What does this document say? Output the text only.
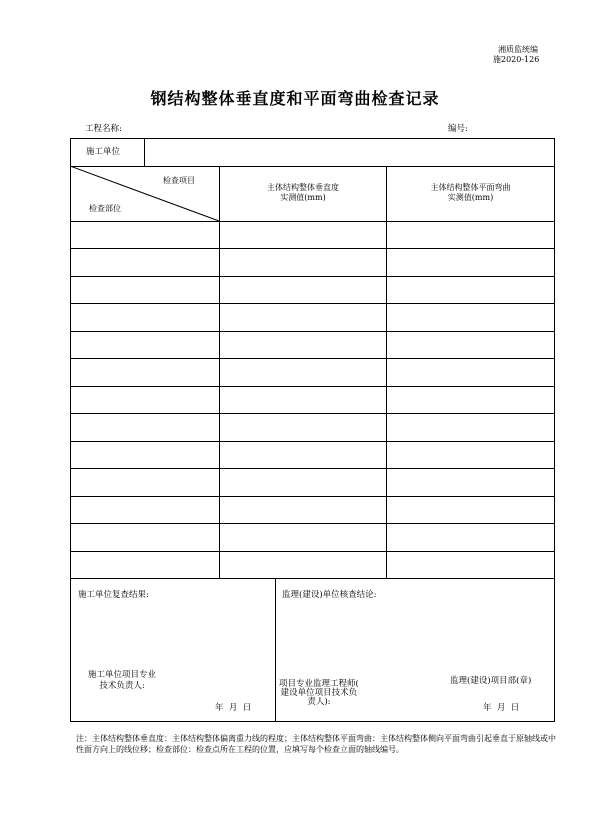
湘质监统编
施2020-126
钢结构整体垂直度和平面弯曲检查记录
工程名称:	编号:
施工单位
检查项目
检查部位
主体结构整体垂直度
实测值(mm)
主体结构整体平面弯曲
实测值(mm)
施工单位复查结果:
施工单位项目专业
技术负责人:
年  月  日
监理(建设)单位核查结论:
项目专业监理工程师(
建设单位项目技术负
责人):
监理(建设)项目部(章)
年  月  日
注：主体结构整体垂直度：主体结构整体偏离重力线的程度；主体结构整体平面弯曲：主体结构整体侧向平面弯曲引起垂直于原轴线或中性面方向上的线位移；检查部位：检查点所在工程的位置，应填写每个检查立面的轴线编号。
